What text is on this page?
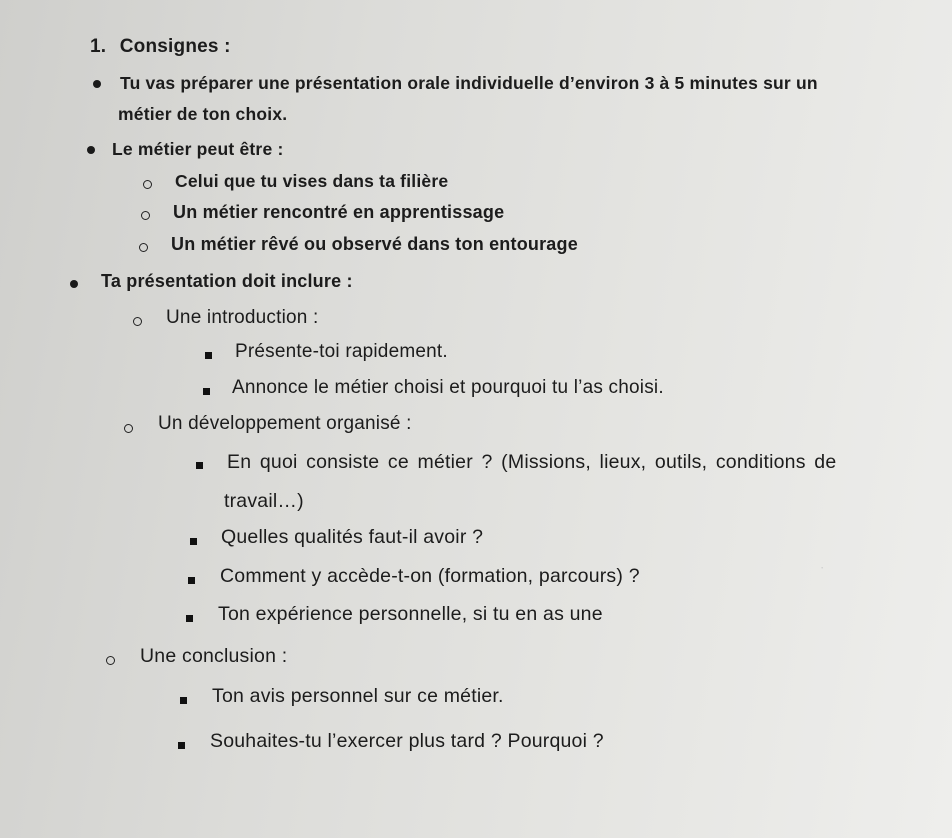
·
1. Consignes :
Tu vas préparer une présentation orale individuelle d’environ 3 à 5 minutes sur un
métier de ton choix.
Le métier peut être :
Celui que tu vises dans ta filière
Un métier rencontré en apprentissage
Un métier rêvé ou observé dans ton entourage
Ta présentation doit inclure :
Une introduction :
Présente-toi rapidement.
Annonce le métier choisi et pourquoi tu l’as choisi.
Un développement organisé :
En quoi consiste ce métier ? (Missions, lieux, outils, conditions de
travail…)
Quelles qualités faut-il avoir ?
Comment y accède-t-on (formation, parcours) ?
Ton expérience personnelle, si tu en as une
Une conclusion :
Ton avis personnel sur ce métier.
Souhaites-tu l’exercer plus tard ? Pourquoi ?
